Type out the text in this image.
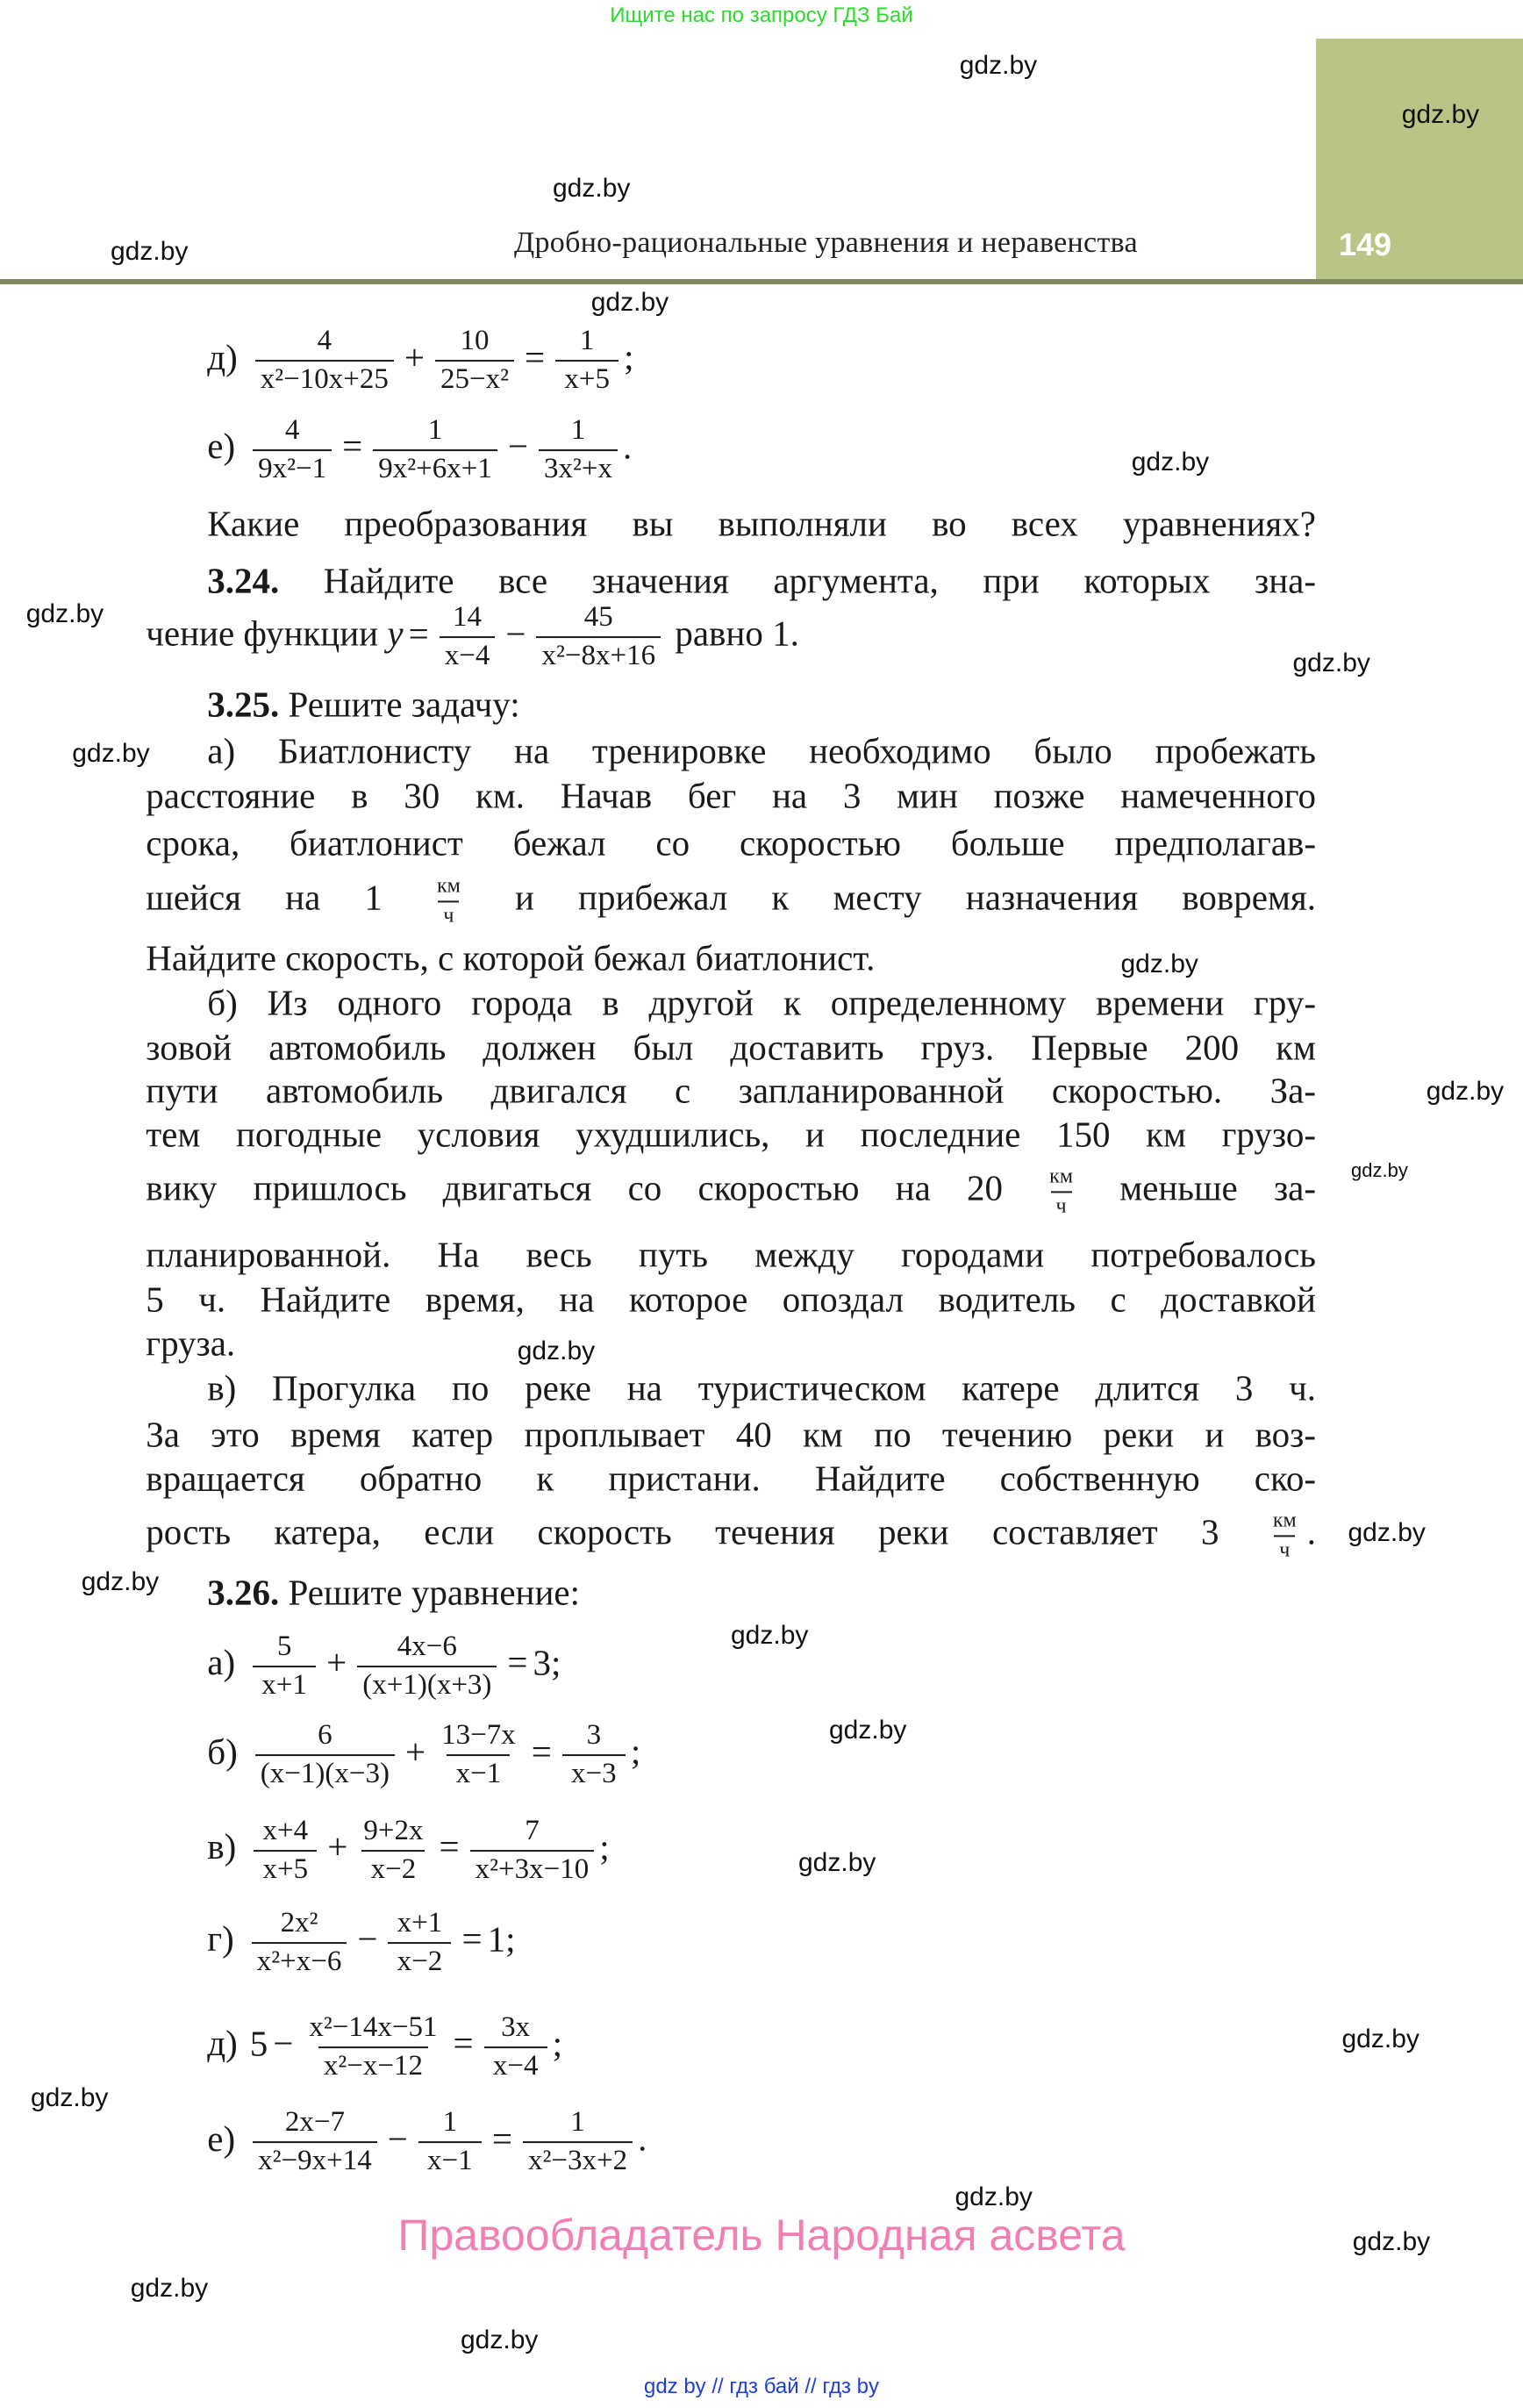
Ищите нас по запросу ГДЗ Бай
149
Дробно-рациональные уравнения и неравенства
$д) \frac{4}{\text{x²−10x+25}} + \frac{10}{\text{25−x²}} = \frac{1}{x+5}$ ;
$е) \frac{4}{\text{9x²−1}} = \frac{1}{\text{9x²+6x+1}} - \frac{1}{\text{3x²+x}}$ .
Какие преобразования вы выполняли во всех уравнениях?
3.24. Найдите все значения аргумента, при которых зна-
чение функции $y = \frac{14}{x-4} - \frac{45}{\text{x²−8x+16}}$ равно 1.
3.25. Решите задачу:
а) Биатлонисту на тренировке необходимо было пробежать
расстояние в 30 км. Начав бег на 3 мин позже намеченного
срока, биатлонист бежал со скоростью больше предполагав-
шейся на $1 \frac{км}{ч}$ и прибежал к месту назначения вовремя.
Найдите скорость, с которой бежал биатлонист.
б) Из одного города в другой к определенному времени гру-
зовой автомобиль должен был доставить груз. Первые 200 км
пути автомобиль двигался с запланированной скоростью. За-
тем погодные условия ухудшились, и последние 150 км грузо-
вику пришлось двигаться со скоростью на $20 \frac{км}{ч}$ меньше за-
планированной. На весь путь между городами потребовалось
5 ч. Найдите время, на которое опоздал водитель с доставкой
груза.
в) Прогулка по реке на туристическом катере длится 3 ч.
За это время катер проплывает 40 км по течению реки и воз-
вращается обратно к пристани. Найдите собственную ско-
рость катера, если скорость течения реки составляет $3 \frac{км}{ч}$ .
3.26. Решите уравнение:
$а) \frac{5}{x+1} + \frac{4x-6}{(x+1)(x+3)} = 3$;
$б) \frac{6}{(x-1)(x-3)} + \frac{13-7x}{x-1} = \frac{3}{x-3}$ ;
$в) \frac{x+4}{x+5} + \frac{9+2x}{x-2} = \frac{7}{\text{x²+3x−10}}$ ;
$г) \frac{\text{2x²}}{\text{x²+x−6}} - \frac{x+1}{x-2} = 1$;
д) $5 - \frac{\text{x²−14x−51}}{\text{x²−x−12}} = \frac{3x}{x-4}$ ;
$е) \frac{2x-7}{\text{x²−9x+14}} - \frac{1}{x-1} = \frac{1}{\text{x²−3x+2}}$ .
gdz.by
gdz.by
gdz.by
gdz.by
gdz.by
gdz.by
gdz.by
gdz.by
gdz.by
gdz.by
gdz.by
gdz.by
gdz.by
gdz.by
gdz.by
gdz.by
gdz.by
gdz.by
gdz.by
gdz.by
gdz.by
gdz.by
gdz.by
gdz.by
Правообладатель Народная асвета
gdz by // гдз бай // гдз by
